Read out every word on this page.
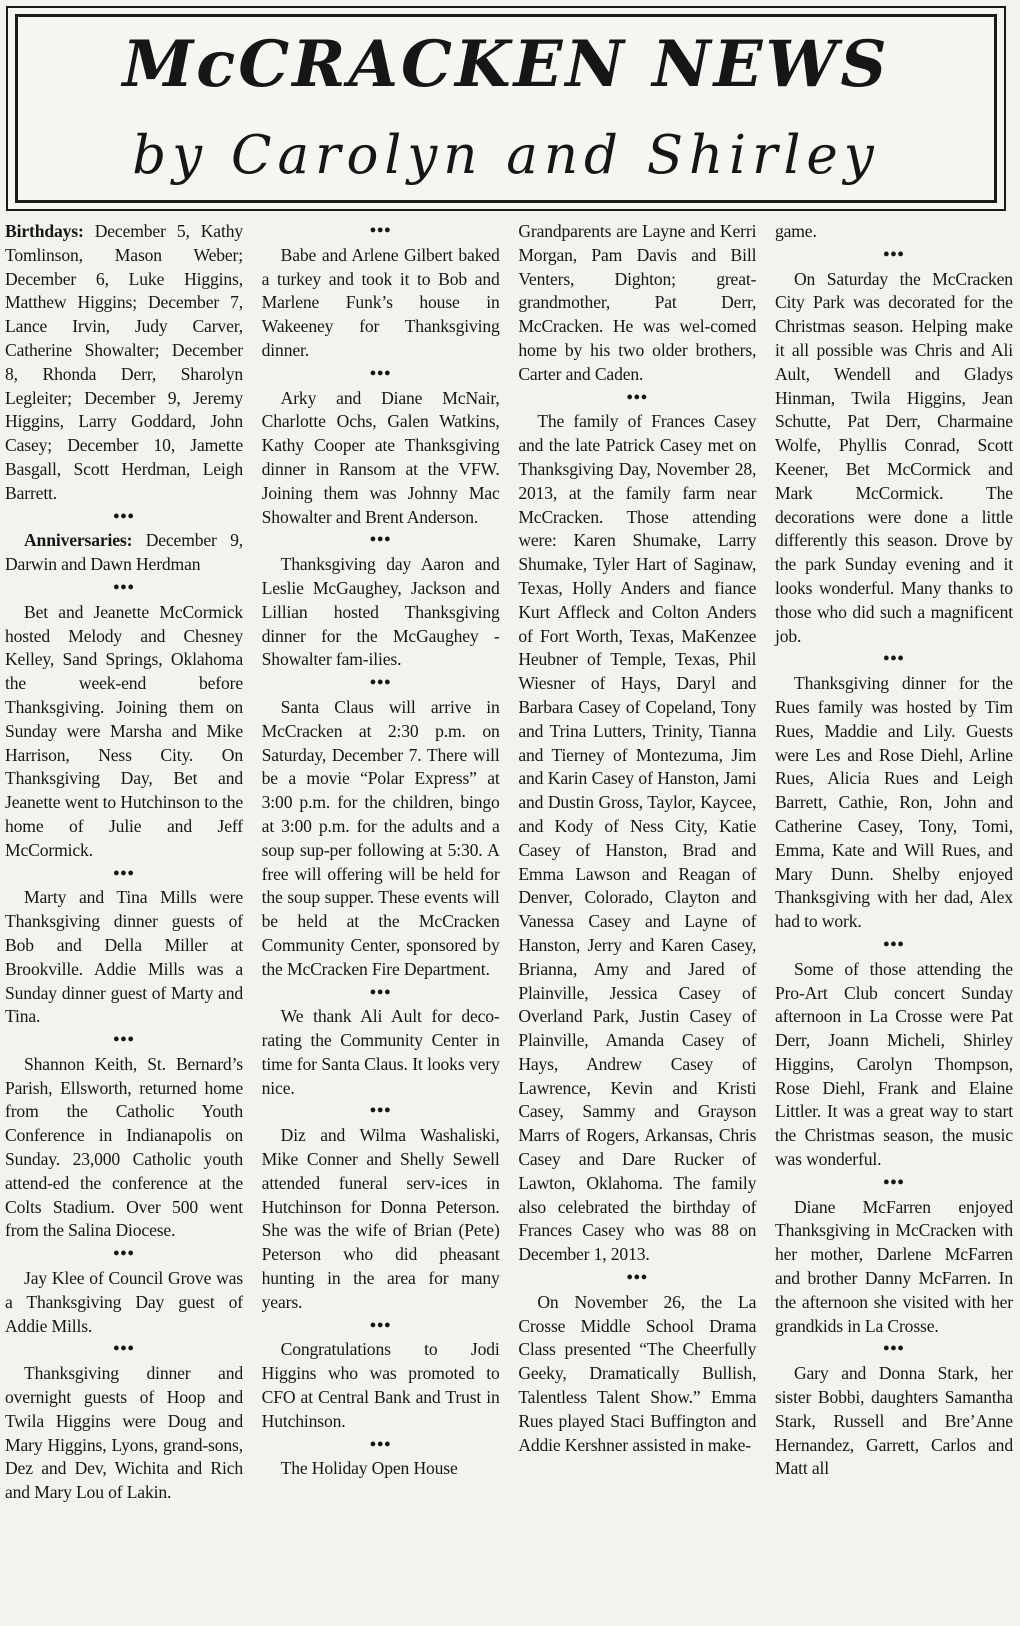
McCRACKEN NEWS
by Carolyn and Shirley

Birthdays: December 5, Kathy Tomlinson, Mason Weber; December 6, Luke Higgins, Matthew Higgins; December 7, Lance Irvin, Judy Carver, Catherine Showalter; December 8, Rhonda Derr, Sharolyn Legleiter; December 9, Jeremy Higgins, Larry Goddard, John Casey; December 10, Jamette Basgall, Scott Herdman, Leigh Barrett.

•••

Anniversaries: December 9, Darwin and Dawn Herdman

•••

Bet and Jeanette McCormick hosted Melody and Chesney Kelley, Sand Springs, Oklahoma the week-end before Thanksgiving. Joining them on Sunday were Marsha and Mike Harrison, Ness City. On Thanksgiving Day, Bet and Jeanette went to Hutchinson to the home of Julie and Jeff McCormick.

•••

Marty and Tina Mills were Thanksgiving dinner guests of Bob and Della Miller at Brookville. Addie Mills was a Sunday dinner guest of Marty and Tina.

•••

Shannon Keith, St. Bernard’s Parish, Ellsworth, returned home from the Catholic Youth Conference in Indianapolis on Sunday. 23,000 Catholic youth attend-ed the conference at the Colts Stadium. Over 500 went from the Salina Diocese.

•••

Jay Klee of Council Grove was a Thanksgiving Day guest of Addie Mills.

•••

Thanksgiving dinner and overnight guests of Hoop and Twila Higgins were Doug and Mary Higgins, Lyons, grand-sons, Dez and Dev, Wichita and Rich and Mary Lou of Lakin.

•••

Babe and Arlene Gilbert baked a turkey and took it to Bob and Marlene Funk’s house in Wakeeney for Thanksgiving dinner.

•••

Arky and Diane McNair, Charlotte Ochs, Galen Watkins, Kathy Cooper ate Thanksgiving dinner in Ransom at the VFW. Joining them was Johnny Mac Showalter and Brent Anderson.

•••

Thanksgiving day Aaron and Leslie McGaughey, Jackson and Lillian hosted Thanksgiving dinner for the McGaughey - Showalter fam-ilies.

•••

Santa Claus will arrive in McCracken at 2:30 p.m. on Saturday, December 7. There will be a movie “Polar Express” at 3:00 p.m. for the children, bingo at 3:00 p.m. for the adults and a soup sup-per following at 5:30. A free will offering will be held for the soup supper. These events will be held at the McCracken Community Center, sponsored by the McCracken Fire Department.

•••

We thank Ali Ault for deco-rating the Community Center in time for Santa Claus. It looks very nice.

•••

Diz and Wilma Washaliski, Mike Conner and Shelly Sewell attended funeral serv-ices in Hutchinson for Donna Peterson. She was the wife of Brian (Pete) Peterson who did pheasant hunting in the area for many years.

•••

Congratulations to Jodi Higgins who was promoted to CFO at Central Bank and Trust in Hutchinson.

•••

The Holiday Open House

Grandparents are Layne and Kerri Morgan, Pam Davis and Bill Venters, Dighton; great-grandmother, Pat Derr, McCracken. He was wel-comed home by his two older brothers, Carter and Caden.

•••

The family of Frances Casey and the late Patrick Casey met on Thanksgiving Day, November 28, 2013, at the family farm near McCracken. Those attending were: Karen Shumake, Larry Shumake, Tyler Hart of Saginaw, Texas, Holly Anders and fiance Kurt Affleck and Colton Anders of Fort Worth, Texas, MaKenzee Heubner of Temple, Texas, Phil Wiesner of Hays, Daryl and Barbara Casey of Copeland, Tony and Trina Lutters, Trinity, Tianna and Tierney of Montezuma, Jim and Karin Casey of Hanston, Jami and Dustin Gross, Taylor, Kaycee, and Kody of Ness City, Katie Casey of Hanston, Brad and Emma Lawson and Reagan of Denver, Colorado, Clayton and Vanessa Casey and Layne of Hanston, Jerry and Karen Casey, Brianna, Amy and Jared of Plainville, Jessica Casey of Overland Park, Justin Casey of Plainville, Amanda Casey of Hays, Andrew Casey of Lawrence, Kevin and Kristi Casey, Sammy and Grayson Marrs of Rogers, Arkansas, Chris Casey and Dare Rucker of Lawton, Oklahoma. The family also celebrated the birthday of Frances Casey who was 88 on December 1, 2013.

•••

On November 26, the La Crosse Middle School Drama Class presented “The Cheerfully Geeky, Dramatically Bullish, Talentless Talent Show.” Emma Rues played Staci Buffington and Addie Kershner assisted in make-

game.

•••

On Saturday the McCracken City Park was decorated for the Christmas season. Helping make it all possible was Chris and Ali Ault, Wendell and Gladys Hinman, Twila Higgins, Jean Schutte, Pat Derr, Charmaine Wolfe, Phyllis Conrad, Scott Keener, Bet McCormick and Mark McCormick. The decorations were done a little differently this season. Drove by the park Sunday evening and it looks wonderful. Many thanks to those who did such a magnificent job.

•••

Thanksgiving dinner for the Rues family was hosted by Tim Rues, Maddie and Lily. Guests were Les and Rose Diehl, Arline Rues, Alicia Rues and Leigh Barrett, Cathie, Ron, John and Catherine Casey, Tony, Tomi, Emma, Kate and Will Rues, and Mary Dunn. Shelby enjoyed Thanksgiving with her dad, Alex had to work.

•••

Some of those attending the Pro-Art Club concert Sunday afternoon in La Crosse were Pat Derr, Joann Micheli, Shirley Higgins, Carolyn Thompson, Rose Diehl, Frank and Elaine Littler. It was a great way to start the Christmas season, the music was wonderful.

•••

Diane McFarren enjoyed Thanksgiving in McCracken with her mother, Darlene McFarren and brother Danny McFarren. In the afternoon she visited with her grandkids in La Crosse.

•••

Gary and Donna Stark, her sister Bobbi, daughters Samantha Stark, Russell and Bre’Anne Hernandez, Garrett, Carlos and Matt all
